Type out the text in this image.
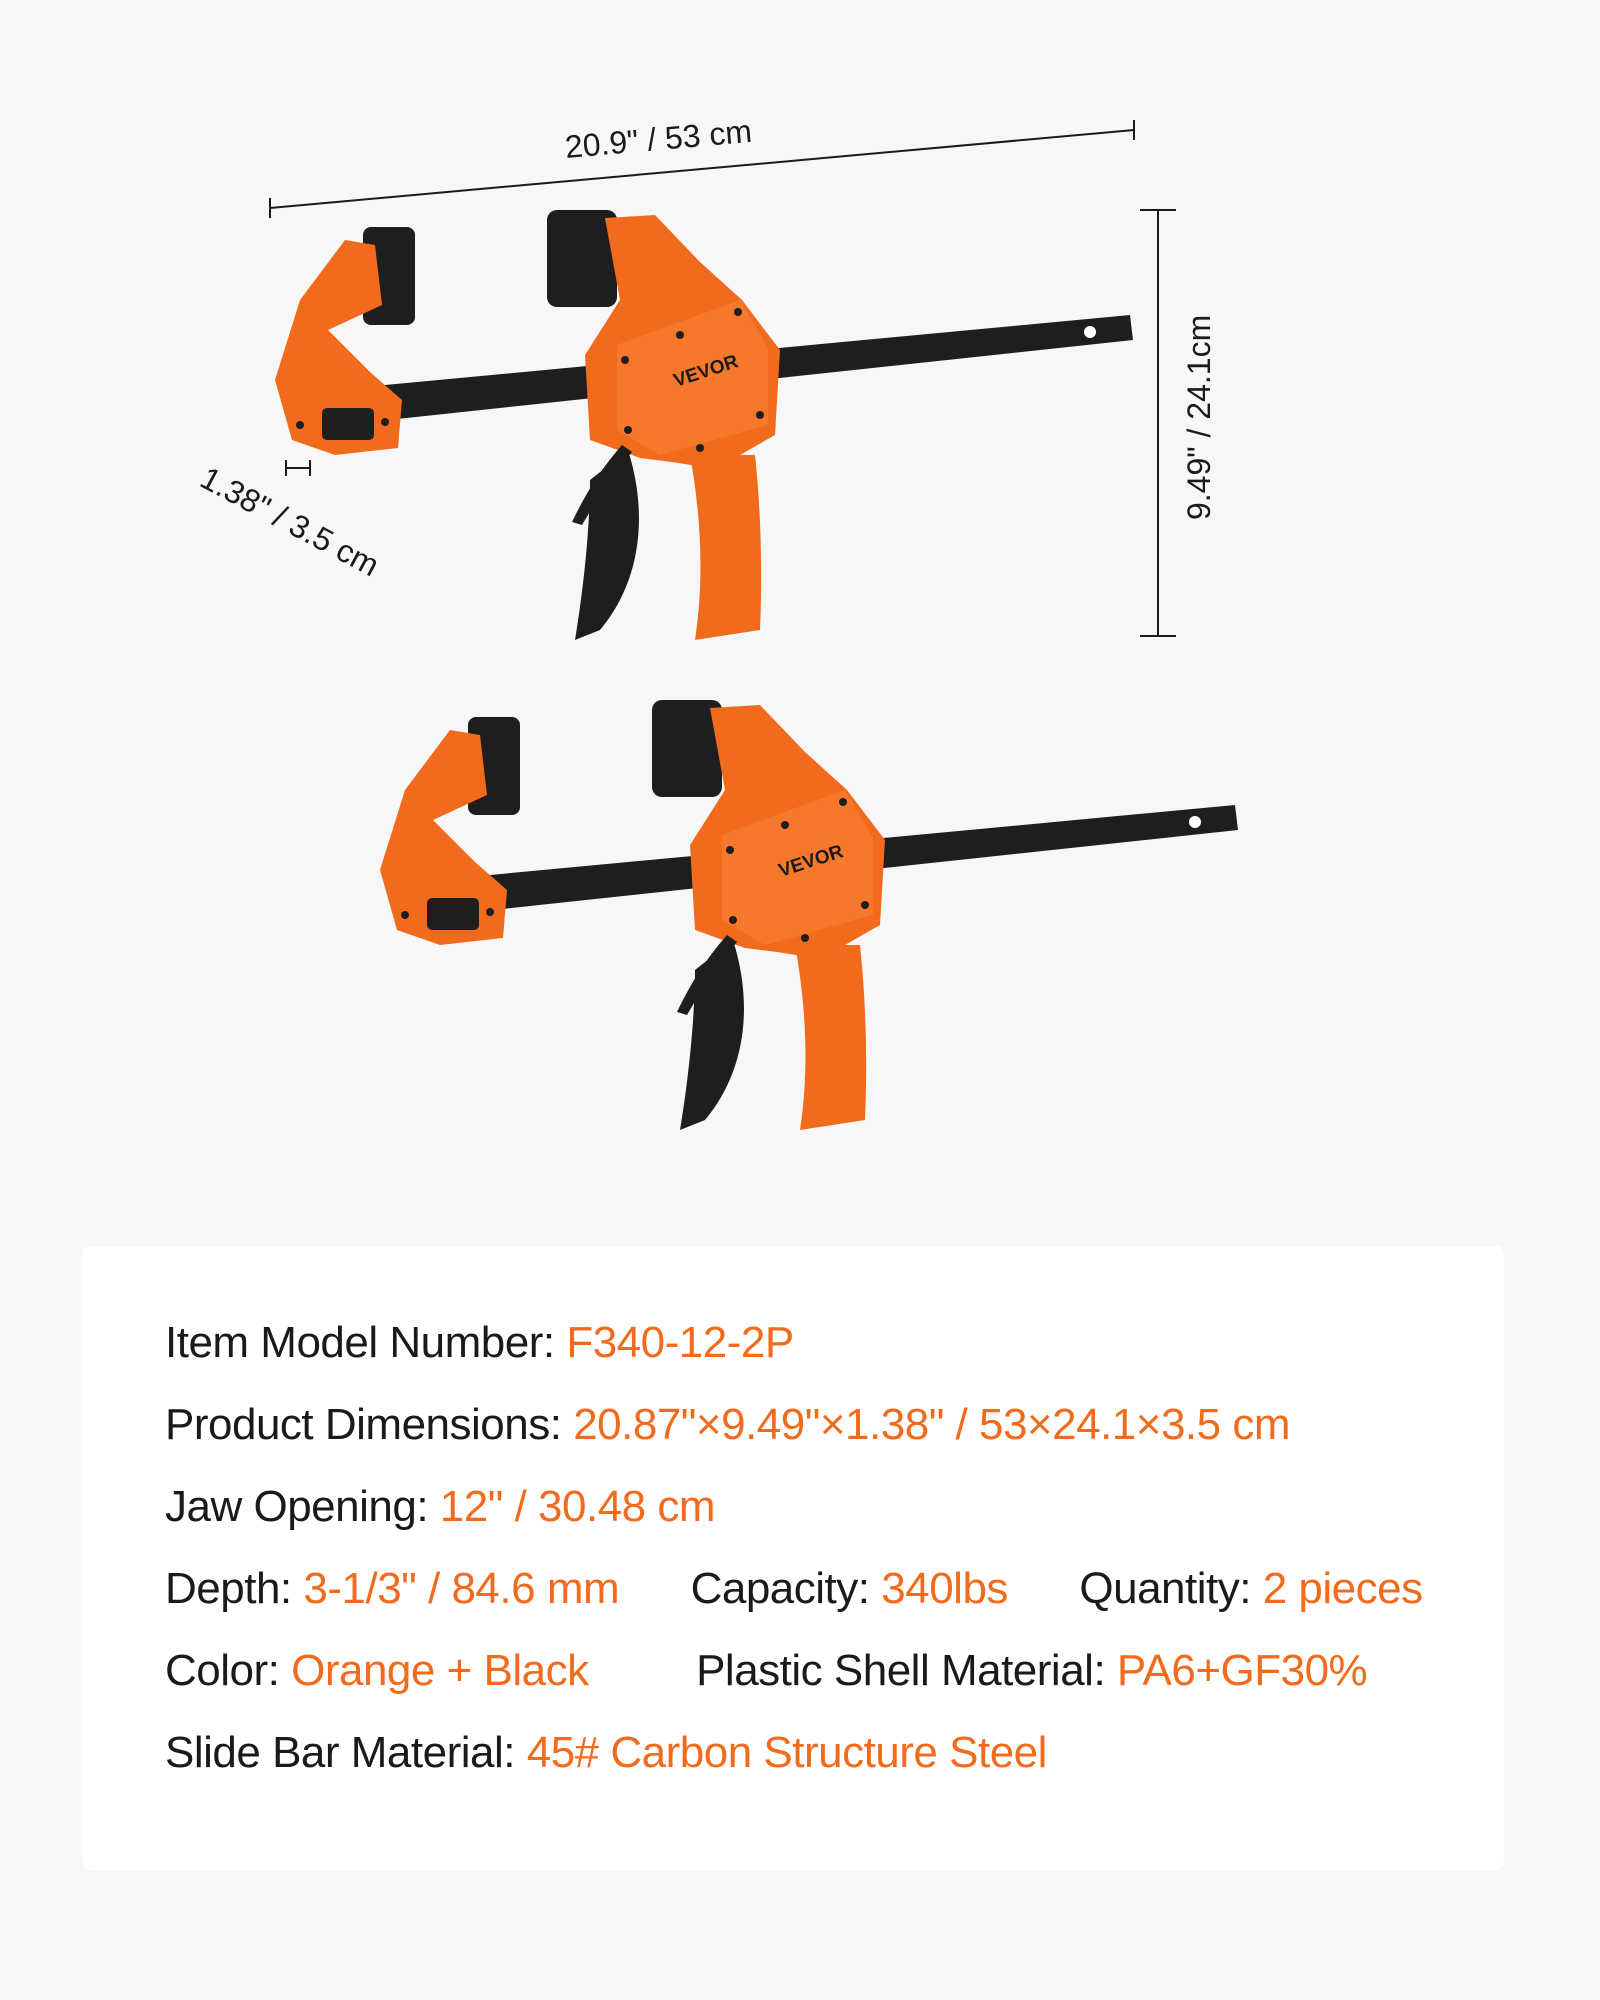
VEVOR
VEVOR
20.9" / 53 cm
9.49" / 24.1cm
1.38" / 3.5 cm
Item Model Number: F340-12-2P
Product Dimensions: 20.87"×9.49"×1.38" / 53×24.1×3.5 cm
Jaw Opening: 12" / 30.48 cm
Depth: 3-1/3" / 84.6 mm Capacity: 340lbs Quantity: 2 pieces
Color: Orange + Black Plastic Shell Material: PA6+GF30%
Slide Bar Material: 45# Carbon Structure Steel
